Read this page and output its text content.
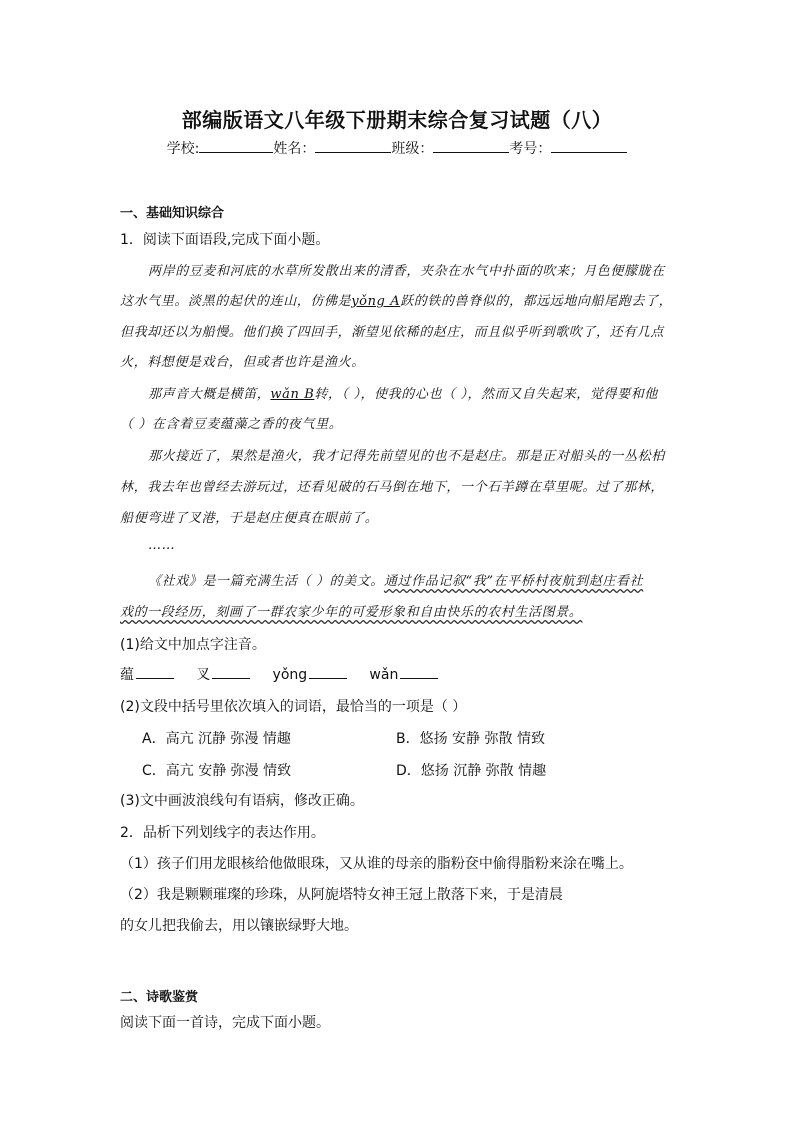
部编版语文八年级下册期末综合复习试题（八）
学校:	姓名：	班级：	考号：
一、基础知识综合
1．阅读下面语段,完成下面小题。
两岸的豆麦和河底的水草所发散出来的清香，夹杂在水气中扑面的吹来；月色便朦胧在
这水气里。淡黑的起伏的连山，仿佛是yǒng A跃的铁的兽脊似的，都远远地向船尾跑去了，
但我却还以为船慢。他们换了四回手，渐望见依稀的赵庄，而且似乎听到歌吹了，还有几点
火，料想便是戏台，但或者也许是渔火。
那声音大概是横笛，wǎn B转，（ ），使我的心也（ ），然而又自失起来，觉得要和他
（ ）在含着豆麦蕴藻之香的夜气里。
那火接近了，果然是渔火，我才记得先前望见的也不是赵庄。那是正对船头的一丛松柏
林，我去年也曾经去游玩过，还看见破的石马倒在地下，一个石羊蹲在草里呢。过了那林，
船便弯进了叉港，于是赵庄便真在眼前了。
……
《社戏》是一篇充满生活（ ）的美文。通过作品记叙“我”在平桥村夜航到赵庄看社
戏的一段经历，刻画了一群农家少年的可爱形象和自由快乐的农村生活图景。
(1)给文中加点字注音。
蕴	叉	yǒng	wǎn
(2)文段中括号里依次填入的词语，最恰当的一项是（ ）
A．高亢 沉静 弥漫 情趣	B．悠扬 安静 弥散 情致
C．高亢 安静 弥漫 情致	D．悠扬 沉静 弥散 情趣
(3)文中画波浪线句有语病，修改正确。
2．品析下列划线字的表达作用。
（1）孩子们用龙眼核给他做眼珠，又从谁的母亲的脂粉奁中偷得脂粉来涂在嘴上。
（2）我是颗颗璀璨的珍珠，从阿旎塔特女神王冠上散落下来，于是清晨
的女儿把我偷去，用以镶嵌绿野大地。
二、诗歌鉴赏
阅读下面一首诗，完成下面小题。
